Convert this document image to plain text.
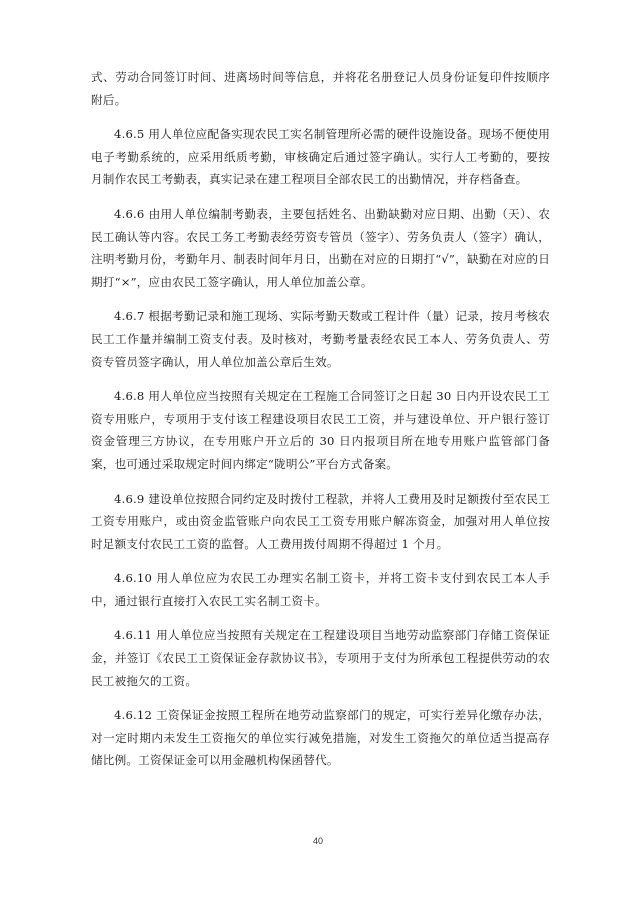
式、劳动合同签订时间、进离场时间等信息，并将花名册登记人员身份证复印件按顺序附后。

4.6.5 用人单位应配备实现农民工实名制管理所必需的硬件设施设备。现场不便使用电子考勤系统的，应采用纸质考勤，审核确定后通过签字确认。实行人工考勤的，要按月制作农民工考勤表，真实记录在建工程项目全部农民工的出勤情况，并存档备查。

4.6.6 由用人单位编制考勤表，主要包括姓名、出勤缺勤对应日期、出勤（天）、农民工确认等内容。农民工务工考勤表经劳资专管员（签字）、劳务负责人（签字）确认，注明考勤月份，考勤年月、制表时间年月日，出勤在对应的日期打“√”，缺勤在对应的日期打“×”，应由农民工签字确认，用人单位加盖公章。

4.6.7 根据考勤记录和施工现场、实际考勤天数或工程计件（量）记录，按月考核农民工工作量并编制工资支付表。及时核对，考勤考量表经农民工本人、劳务负责人、劳资专管员签字确认，用人单位加盖公章后生效。

4.6.8 用人单位应当按照有关规定在工程施工合同签订之日起 30 日内开设农民工工资专用账户，专项用于支付该工程建设项目农民工工资，并与建设单位、开户银行签订资金管理三方协议，在专用账户开立后的 30 日内报项目所在地专用账户监管部门备案，也可通过采取规定时间内绑定“陇明公”平台方式备案。

4.6.9 建设单位按照合同约定及时拨付工程款，并将人工费用及时足额拨付至农民工工资专用账户，或由资金监管账户向农民工工资专用账户解冻资金，加强对用人单位按时足额支付农民工工资的监督。人工费用拨付周期不得超过 1 个月。

4.6.10 用人单位应为农民工办理实名制工资卡，并将工资卡支付到农民工本人手中，通过银行直接打入农民工实名制工资卡。

4.6.11 用人单位应当按照有关规定在工程建设项目当地劳动监察部门存储工资保证金，并签订《农民工工资保证金存款协议书》，专项用于支付为所承包工程提供劳动的农民工被拖欠的工资。

4.6.12 工资保证金按照工程所在地劳动监察部门的规定，可实行差异化缴存办法，对一定时期内未发生工资拖欠的单位实行减免措施，对发生工资拖欠的单位适当提高存储比例。工资保证金可以用金融机构保函替代。

40
